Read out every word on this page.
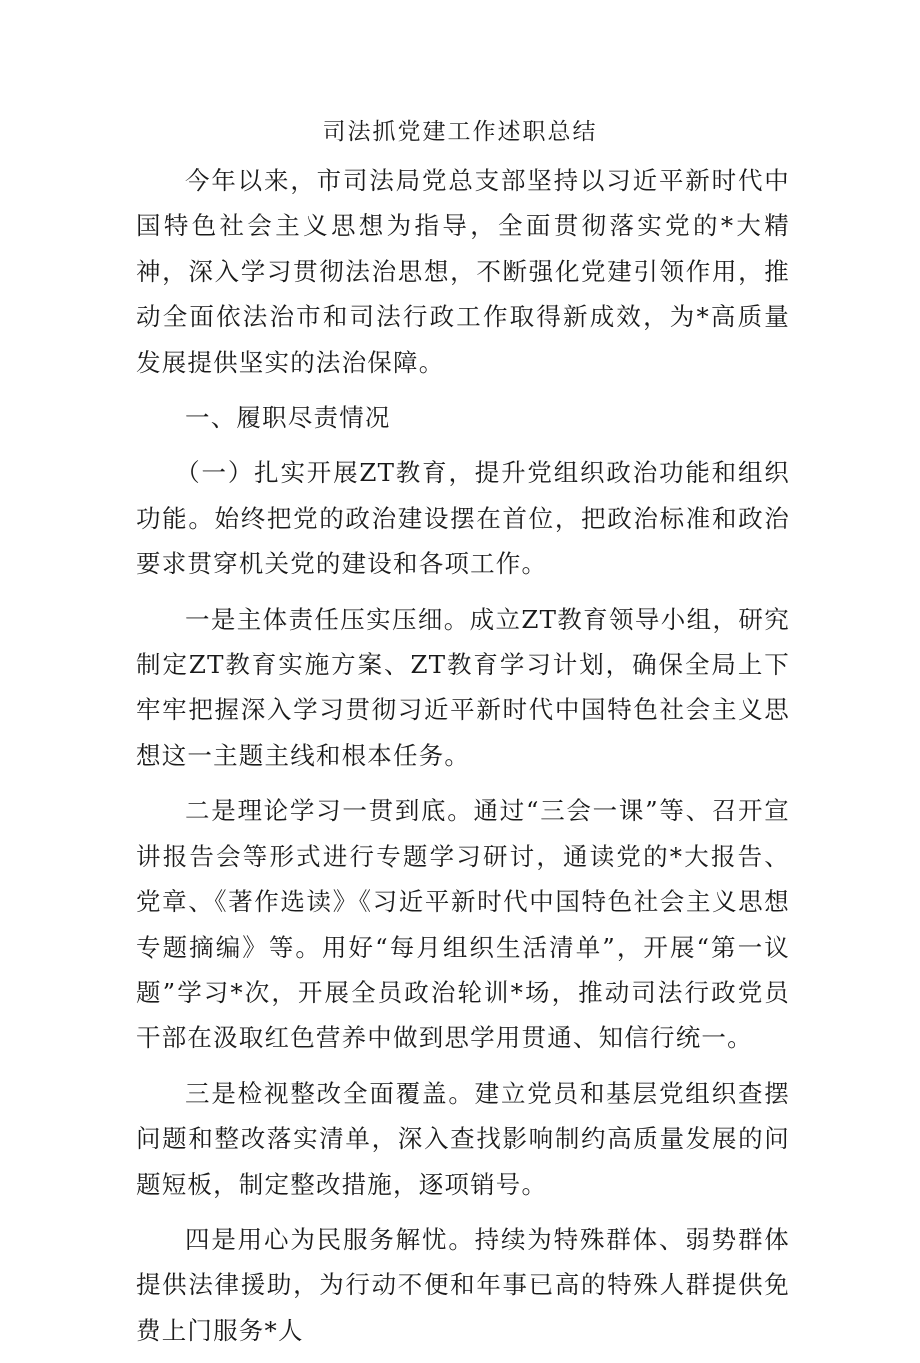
司法抓党建工作述职总结

今年以来，市司法局党总支部坚持以习近平新时代中国特色社会主义思想为指导，全面贯彻落实党的*大精神，深入学习贯彻法治思想，不断强化党建引领作用，推动全面依法治市和司法行政工作取得新成效，为*高质量发展提供坚实的法治保障。

一、履职尽责情况

（一）扎实开展ZT教育，提升党组织政治功能和组织功能。始终把党的政治建设摆在首位，把政治标准和政治要求贯穿机关党的建设和各项工作。

一是主体责任压实压细。成立ZT教育领导小组，研究制定ZT教育实施方案、ZT教育学习计划，确保全局上下牢牢把握深入学习贯彻习近平新时代中国特色社会主义思想这一主题主线和根本任务。

二是理论学习一贯到底。通过“三会一课”等、召开宣讲报告会等形式进行专题学习研讨，通读党的*大报告、党章、《著作选读》《习近平新时代中国特色社会主义思想专题摘编》等。用好“每月组织生活清单”，开展“第一议题”学习*次，开展全员政治轮训*场，推动司法行政党员干部在汲取红色营养中做到思学用贯通、知信行统一。

三是检视整改全面覆盖。建立党员和基层党组织查摆问题和整改落实清单，深入查找影响制约高质量发展的问题短板，制定整改措施，逐项销号。

四是用心为民服务解忧。持续为特殊群体、弱势群体提供法律援助，为行动不便和年事已高的特殊人群提供免费上门服务*人
